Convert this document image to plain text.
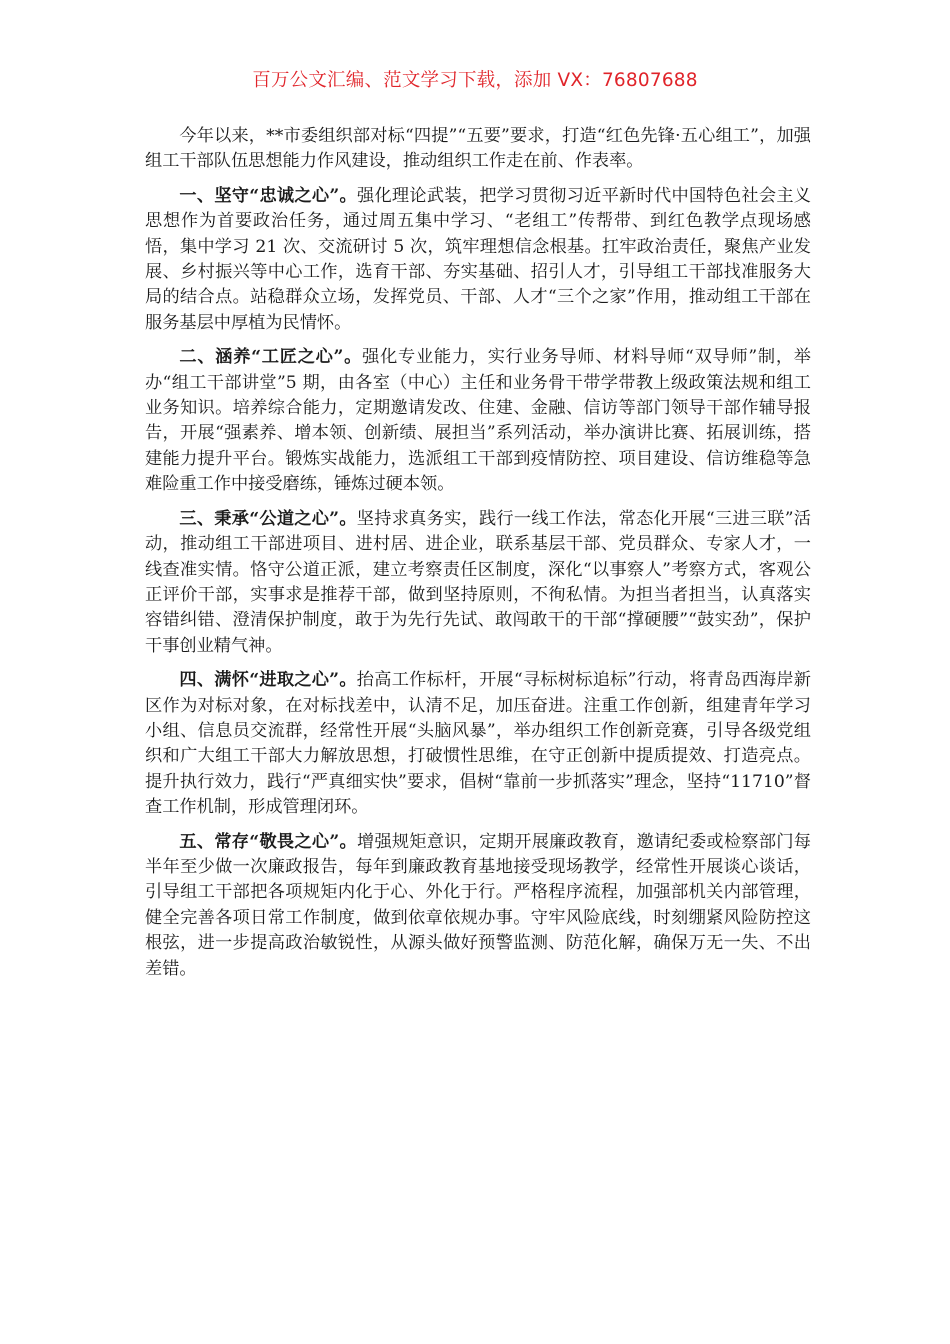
百万公文汇编、范文学习下载，添加 VX：76807688

今年以来，**市委组织部对标“四提”“五要”要求，打造“红色先锋·五心组工”，加强组工干部队伍思想能力作风建设，推动组织工作走在前、作表率。

一、坚守“忠诚之心”。强化理论武装，把学习贯彻习近平新时代中国特色社会主义思想作为首要政治任务，通过周五集中学习、“老组工”传帮带、到红色教学点现场感悟，集中学习 21 次、交流研讨 5 次，筑牢理想信念根基。扛牢政治责任，聚焦产业发展、乡村振兴等中心工作，选育干部、夯实基础、招引人才，引导组工干部找准服务大局的结合点。站稳群众立场，发挥党员、干部、人才“三个之家”作用，推动组工干部在服务基层中厚植为民情怀。

二、涵养“工匠之心”。强化专业能力，实行业务导师、材料导师“双导师”制，举办“组工干部讲堂”5 期，由各室（中心）主任和业务骨干带学带教上级政策法规和组工业务知识。培养综合能力，定期邀请发改、住建、金融、信访等部门领导干部作辅导报告，开展“强素养、增本领、创新绩、展担当”系列活动，举办演讲比赛、拓展训练，搭建能力提升平台。锻炼实战能力，选派组工干部到疫情防控、项目建设、信访维稳等急难险重工作中接受磨练，锤炼过硬本领。

三、秉承“公道之心”。坚持求真务实，践行一线工作法，常态化开展“三进三联”活动，推动组工干部进项目、进村居、进企业，联系基层干部、党员群众、专家人才，一线查准实情。恪守公道正派，建立考察责任区制度，深化“以事察人”考察方式，客观公正评价干部，实事求是推荐干部，做到坚持原则，不徇私情。为担当者担当，认真落实容错纠错、澄清保护制度，敢于为先行先试、敢闯敢干的干部“撑硬腰”“鼓实劲”，保护干事创业精气神。

四、满怀“进取之心”。抬高工作标杆，开展“寻标树标追标”行动，将青岛西海岸新区作为对标对象，在对标找差中，认清不足，加压奋进。注重工作创新，组建青年学习小组、信息员交流群，经常性开展“头脑风暴”，举办组织工作创新竞赛，引导各级党组织和广大组工干部大力解放思想，打破惯性思维，在守正创新中提质提效、打造亮点。提升执行效力，践行“严真细实快”要求，倡树“靠前一步抓落实”理念，坚持“11710”督查工作机制，形成管理闭环。

五、常存“敬畏之心”。增强规矩意识，定期开展廉政教育，邀请纪委或检察部门每半年至少做一次廉政报告，每年到廉政教育基地接受现场教学，经常性开展谈心谈话，引导组工干部把各项规矩内化于心、外化于行。严格程序流程，加强部机关内部管理，健全完善各项日常工作制度，做到依章依规办事。守牢风险底线，时刻绷紧风险防控这根弦，进一步提高政治敏锐性，从源头做好预警监测、防范化解，确保万无一失、不出差错。
